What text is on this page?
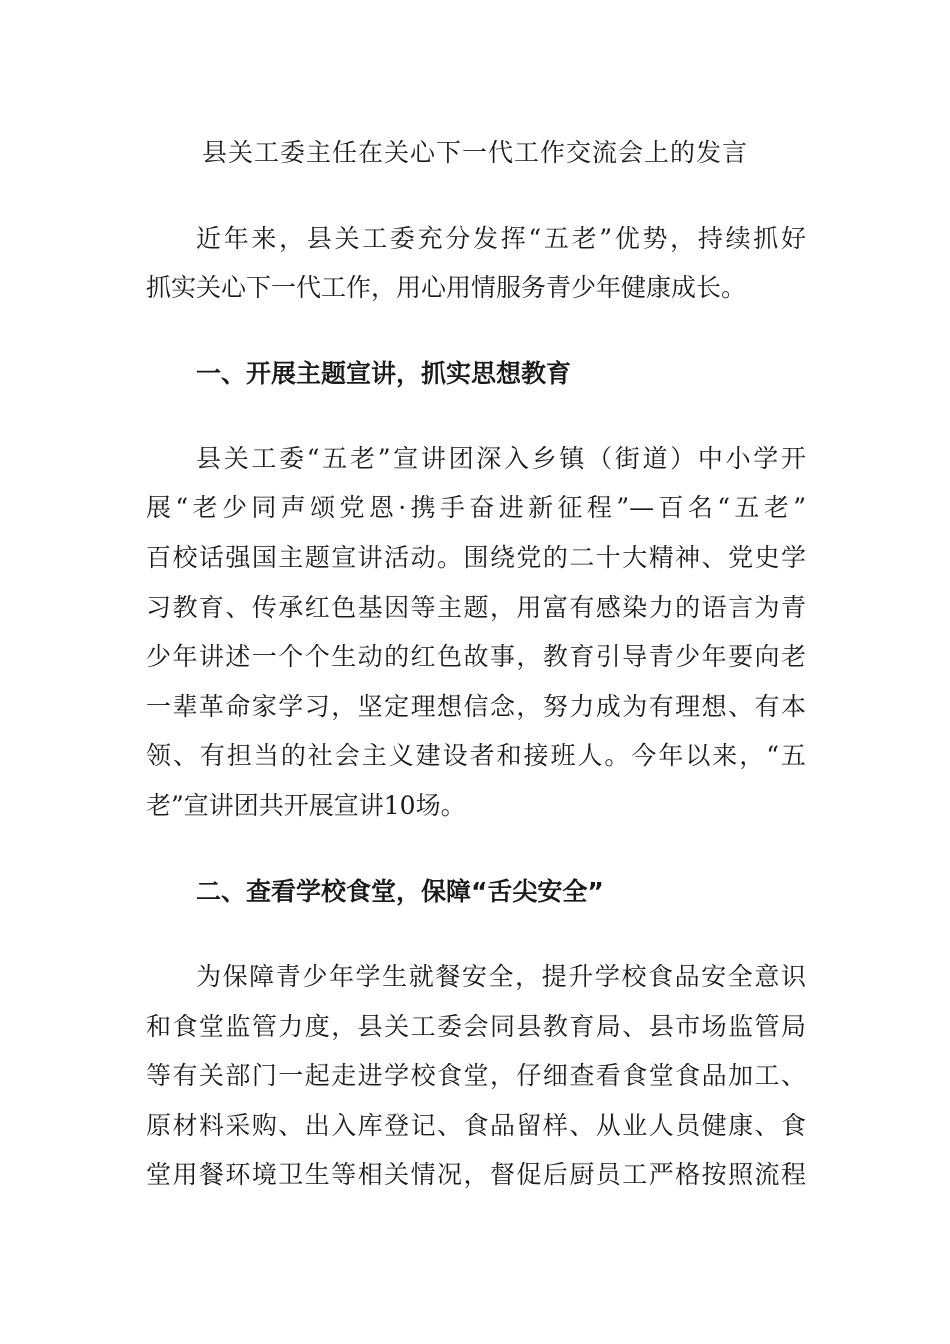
县关工委主任在关心下一代工作交流会上的发言
近年来，县关工委充分发挥“五老”优势，持续抓好
抓实关心下一代工作，用心用情服务青少年健康成长。
一、开展主题宣讲，抓实思想教育
县关工委“五老”宣讲团深入乡镇（街道）中小学开
展“老少同声颂党恩·携手奋进新征程”—百名“五老”
百校话强国主题宣讲活动。围绕党的二十大精神、党史学
习教育、传承红色基因等主题，用富有感染力的语言为青
少年讲述一个个生动的红色故事，教育引导青少年要向老
一辈革命家学习，坚定理想信念，努力成为有理想、有本
领、有担当的社会主义建设者和接班人。今年以来，“五
老”宣讲团共开展宣讲10场。
二、查看学校食堂，保障“舌尖安全”
为保障青少年学生就餐安全，提升学校食品安全意识
和食堂监管力度，县关工委会同县教育局、县市场监管局
等有关部门一起走进学校食堂，仔细查看食堂食品加工、
原材料采购、出入库登记、食品留样、从业人员健康、食
堂用餐环境卫生等相关情况，督促后厨员工严格按照流程
